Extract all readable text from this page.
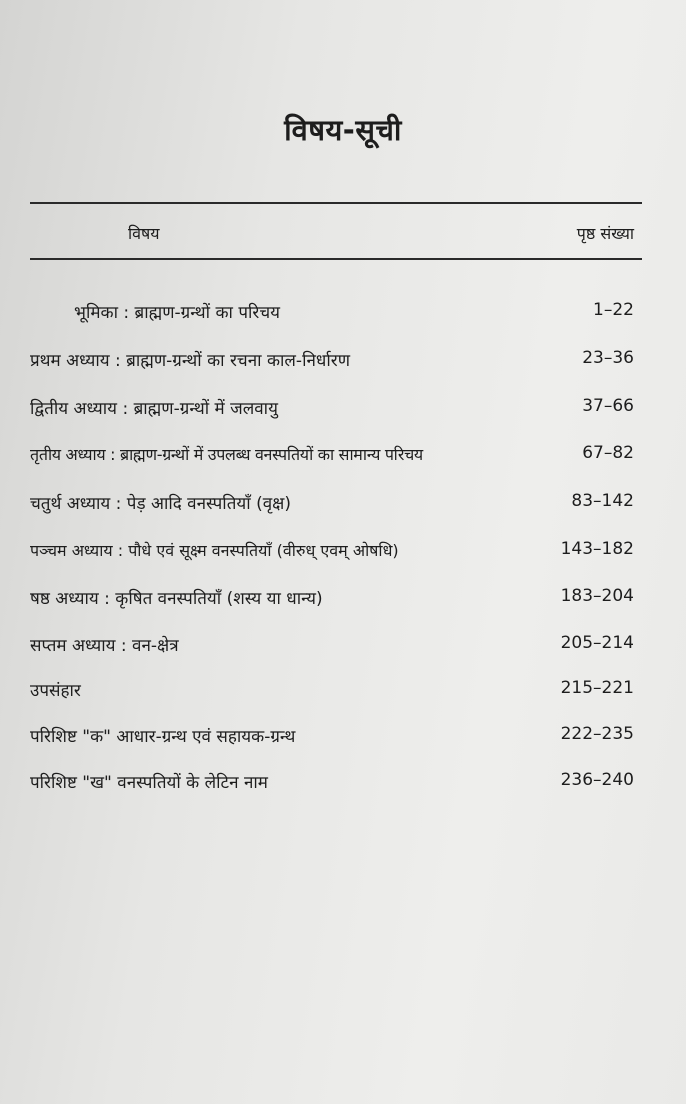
विषय-सूची
विषय	पृष्ठ संख्या
भूमिका : ब्राह्मण-ग्रन्थों का परिचय	1–22
प्रथम अध्याय : ब्राह्मण-ग्रन्थों का रचना काल-निर्धारण	23–36
द्वितीय अध्याय : ब्राह्मण-ग्रन्थों में जलवायु	37–66
तृतीय अध्याय : ब्राह्मण-ग्रन्थों में उपलब्ध वनस्पतियों का सामान्य परिचय	67–82
चतुर्थ अध्याय : पेड़ आदि वनस्पतियाँ (वृक्ष)	83–142
पञ्चम अध्याय : पौधे एवं सूक्ष्म वनस्पतियाँ (वीरुध् एवम् ओषधि)	143–182
षष्ठ अध्याय : कृषित वनस्पतियाँ (शस्य या धान्य)	183–204
सप्तम अध्याय : वन-क्षेत्र	205–214
उपसंहार	215–221
परिशिष्ट "क" आधार-ग्रन्थ एवं सहायक-ग्रन्थ	222–235
परिशिष्ट "ख" वनस्पतियों के लेटिन नाम	236–240
